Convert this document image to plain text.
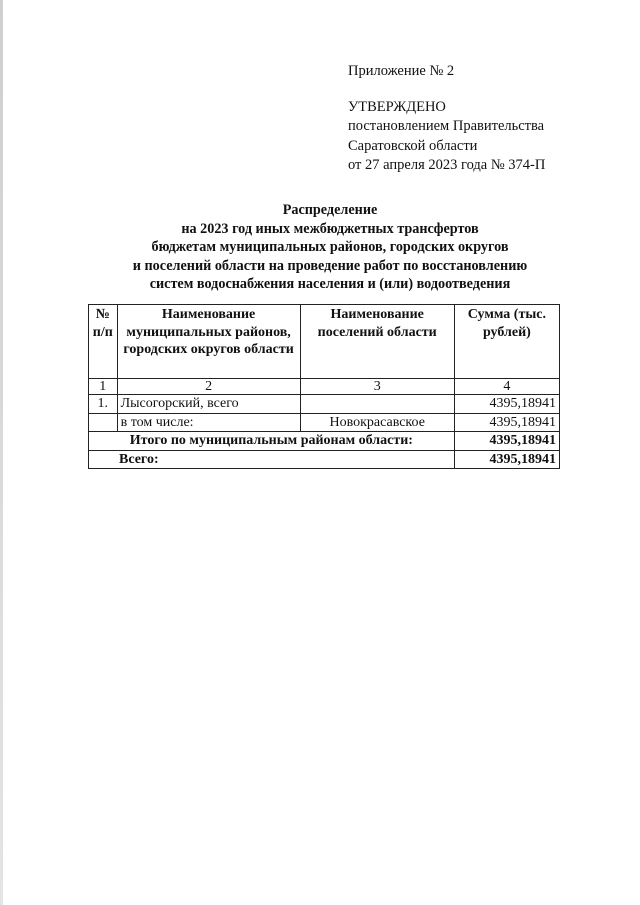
Приложение № 2
УТВЕРЖДЕНО
постановлением Правительства
Саратовской области
от 27 апреля 2023 года № 374-П
Распределение
на 2023 год иных межбюджетных трансфертов
бюджетам муниципальных районов, городских округов
и поселений области на проведение работ по восстановлению
систем водоснабжения населения и (или) водоотведения
№ п/п	Наименование муниципальных районов, городских округов области	Наименование поселений области	Сумма (тыс. рублей)
1	2	3	4
1.	Лысогорский, всего		4395,18941
	в том числе:	Новокрасавское	4395,18941
Итого по муниципальным районам области:			4395,18941
Всего:			4395,18941
